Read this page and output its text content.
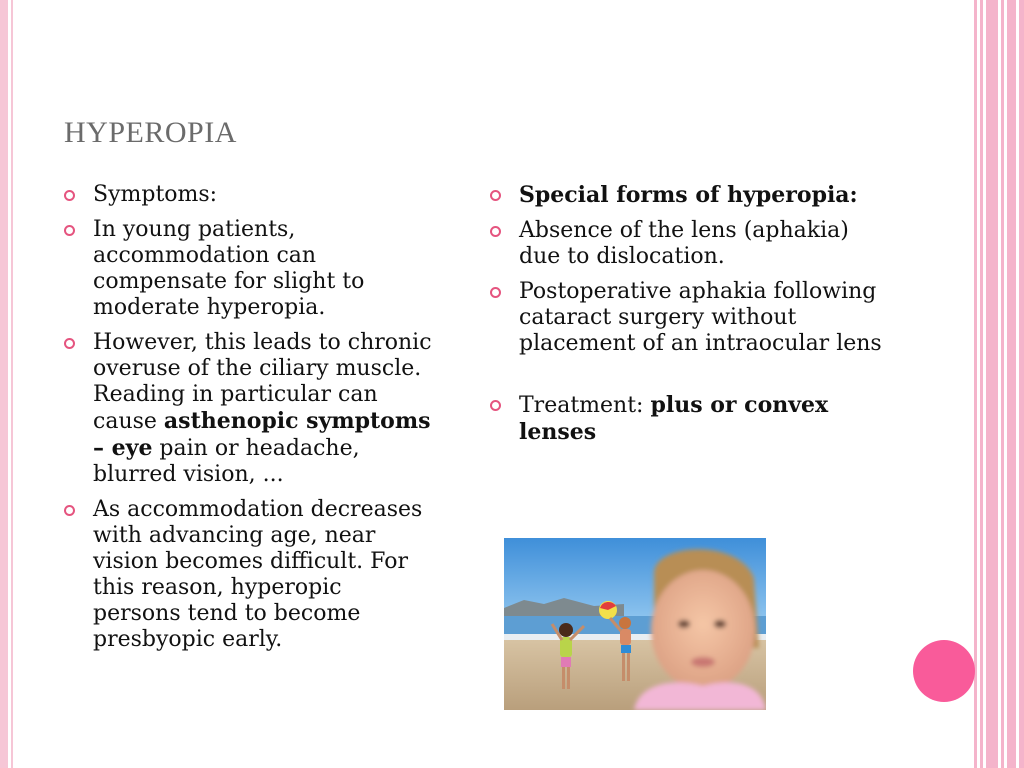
HYPEROPIA
Symptoms:
In young patients, accommodation can compensate for slight to moderate hyperopia.
However, this leads to chronic overuse of the ciliary muscle. Reading in particular can cause asthenopic symptoms – eye pain or headache, blurred vision, ...
As accommodation decreases with advancing age, near vision becomes difficult. For this reason, hyperopic persons tend to become presbyopic early.
Special forms of hyperopia:
Absence of the lens (aphakia) due to dislocation.
Postoperative aphakia following cataract surgery without placement of an intraocular lens
Treatment: plus or convex lenses
